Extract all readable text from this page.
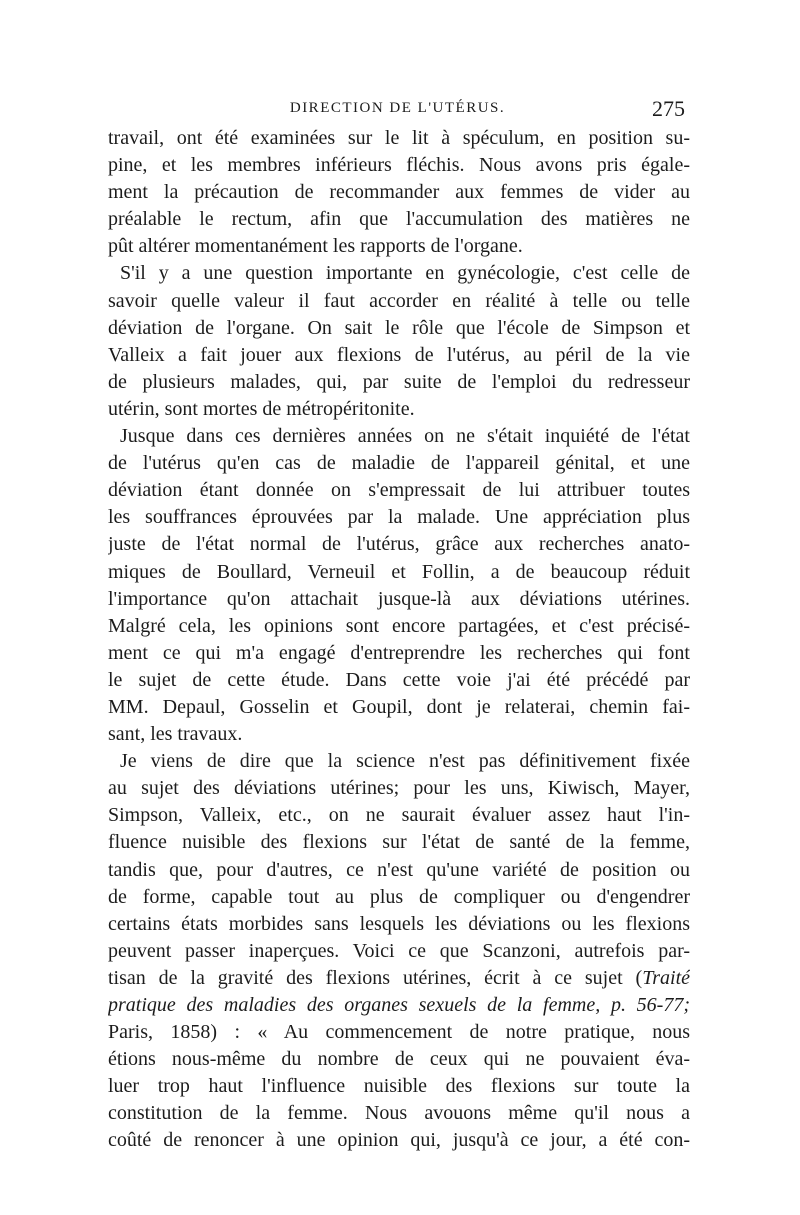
DIRECTION DE L'UTÉRUS.	275
travail, ont été examinées sur le lit à spéculum, en position su-
pine, et les membres inférieurs fléchis. Nous avons pris égale-
ment la précaution de recommander aux femmes de vider au
préalable le rectum, afin que l'accumulation des matières ne
pût altérer momentanément les rapports de l'organe.
S'il y a une question importante en gynécologie, c'est celle de
savoir quelle valeur il faut accorder en réalité à telle ou telle
déviation de l'organe. On sait le rôle que l'école de Simpson et
Valleix a fait jouer aux flexions de l'utérus, au péril de la vie
de plusieurs malades, qui, par suite de l'emploi du redresseur
utérin, sont mortes de métropéritonite.
Jusque dans ces dernières années on ne s'était inquiété de l'état
de l'utérus qu'en cas de maladie de l'appareil génital, et une
déviation étant donnée on s'empressait de lui attribuer toutes
les souffrances éprouvées par la malade. Une appréciation plus
juste de l'état normal de l'utérus, grâce aux recherches anato-
miques de Boullard, Verneuil et Follin, a de beaucoup réduit
l'importance qu'on attachait jusque-là aux déviations utérines.
Malgré cela, les opinions sont encore partagées, et c'est précisé-
ment ce qui m'a engagé d'entreprendre les recherches qui font
le sujet de cette étude. Dans cette voie j'ai été précédé par
MM. Depaul, Gosselin et Goupil, dont je relaterai, chemin fai-
sant, les travaux.
Je viens de dire que la science n'est pas définitivement fixée
au sujet des déviations utérines; pour les uns, Kiwisch, Mayer,
Simpson, Valleix, etc., on ne saurait évaluer assez haut l'in-
fluence nuisible des flexions sur l'état de santé de la femme,
tandis que, pour d'autres, ce n'est qu'une variété de position ou
de forme, capable tout au plus de compliquer ou d'engendrer
certains états morbides sans lesquels les déviations ou les flexions
peuvent passer inaperçues. Voici ce que Scanzoni, autrefois par-
tisan de la gravité des flexions utérines, écrit à ce sujet (Traité
pratique des maladies des organes sexuels de la femme, p. 56-77;
Paris, 1858) : « Au commencement de notre pratique, nous
étions nous-même du nombre de ceux qui ne pouvaient éva-
luer trop haut l'influence nuisible des flexions sur toute la
constitution de la femme. Nous avouons même qu'il nous a
coûté de renoncer à une opinion qui, jusqu'à ce jour, a été con-
